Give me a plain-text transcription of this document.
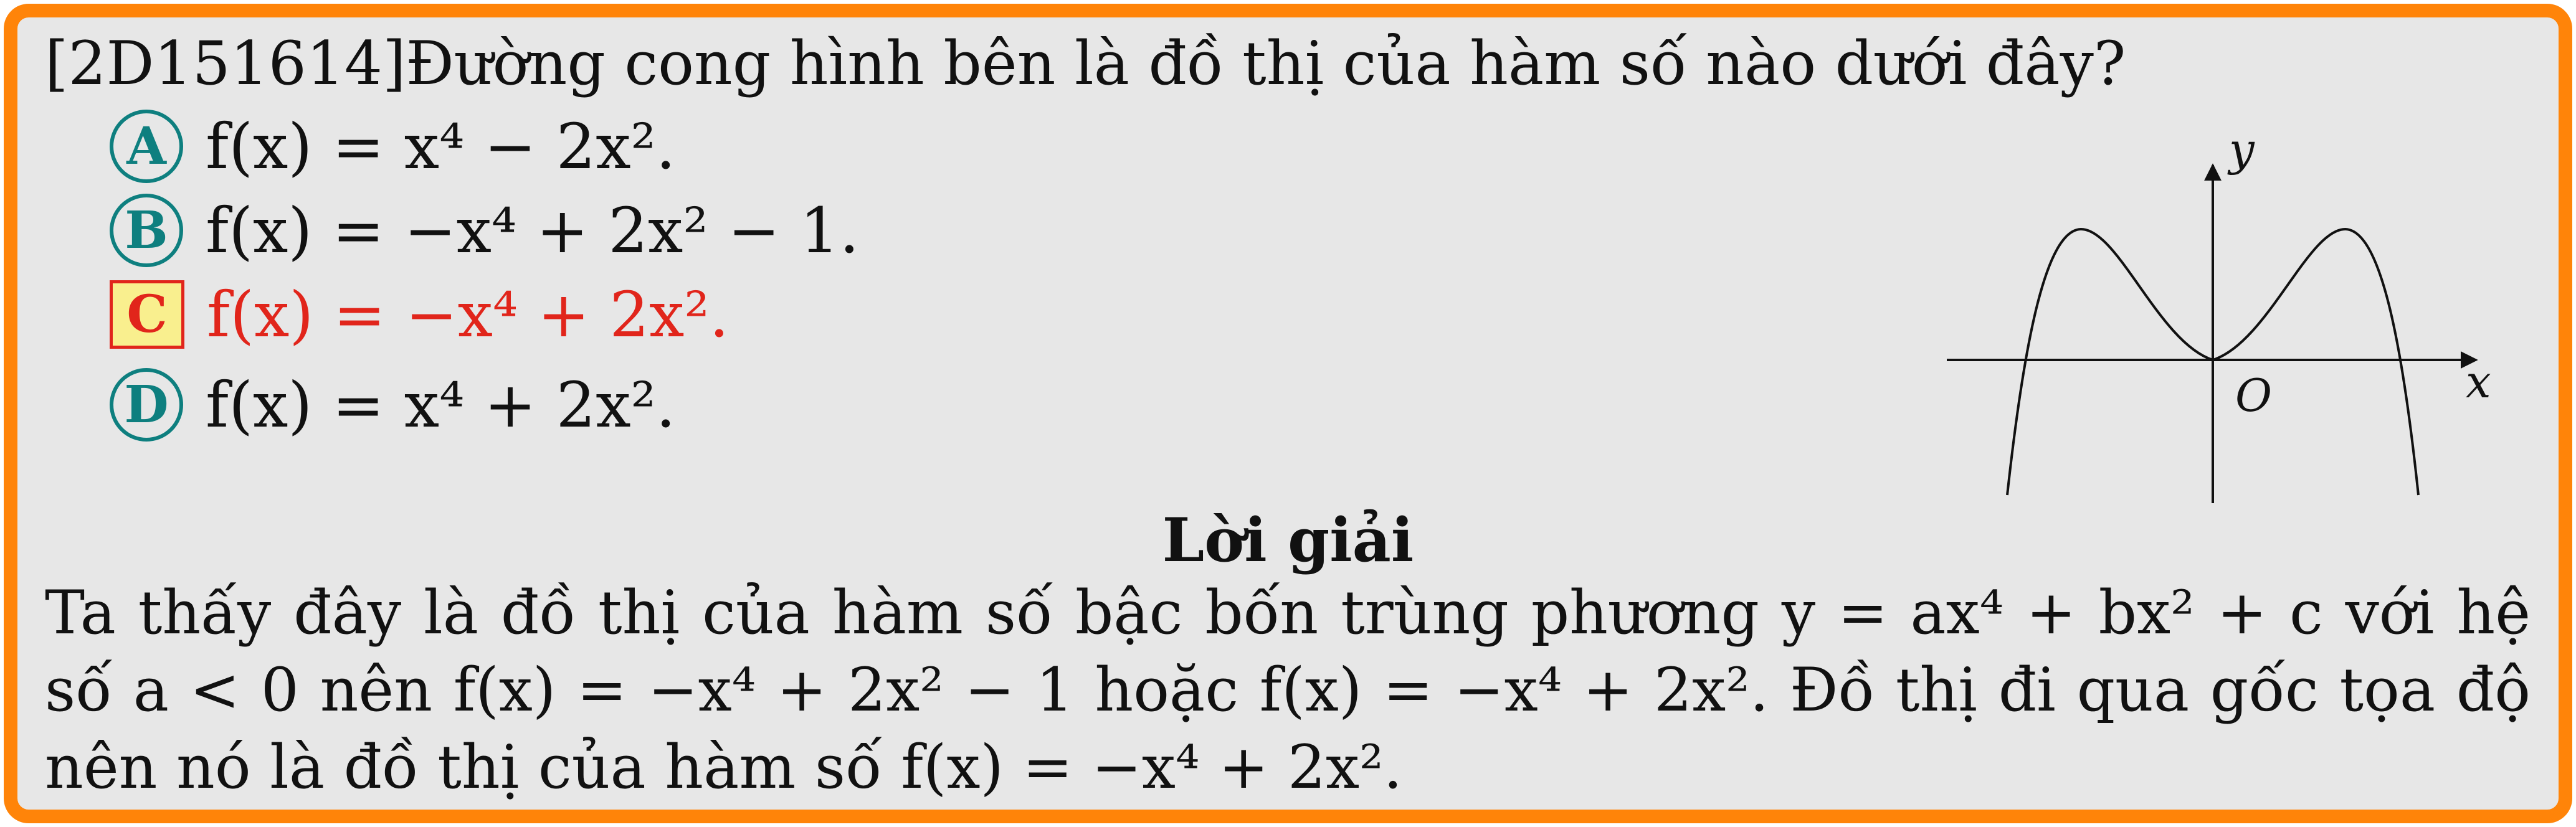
[2D151614]Đường cong hình bên là đồ thị của hàm số nào dưới đây?
A f(x) = x⁴ − 2x².
B f(x) = −x⁴ + 2x² − 1.
C f(x) = −x⁴ + 2x².
D f(x) = x⁴ + 2x².
y
x
O
Lời giải
Ta thấy đây là đồ thị của hàm số bậc bốn trùng phương y = ax⁴ + bx² + c với hệ số a < 0 nên f(x) = −x⁴ + 2x² − 1 hoặc f(x) = −x⁴ + 2x². Đồ thị đi qua gốc tọa độ nên nó là đồ thị của hàm số f(x) = −x⁴ + 2x².
